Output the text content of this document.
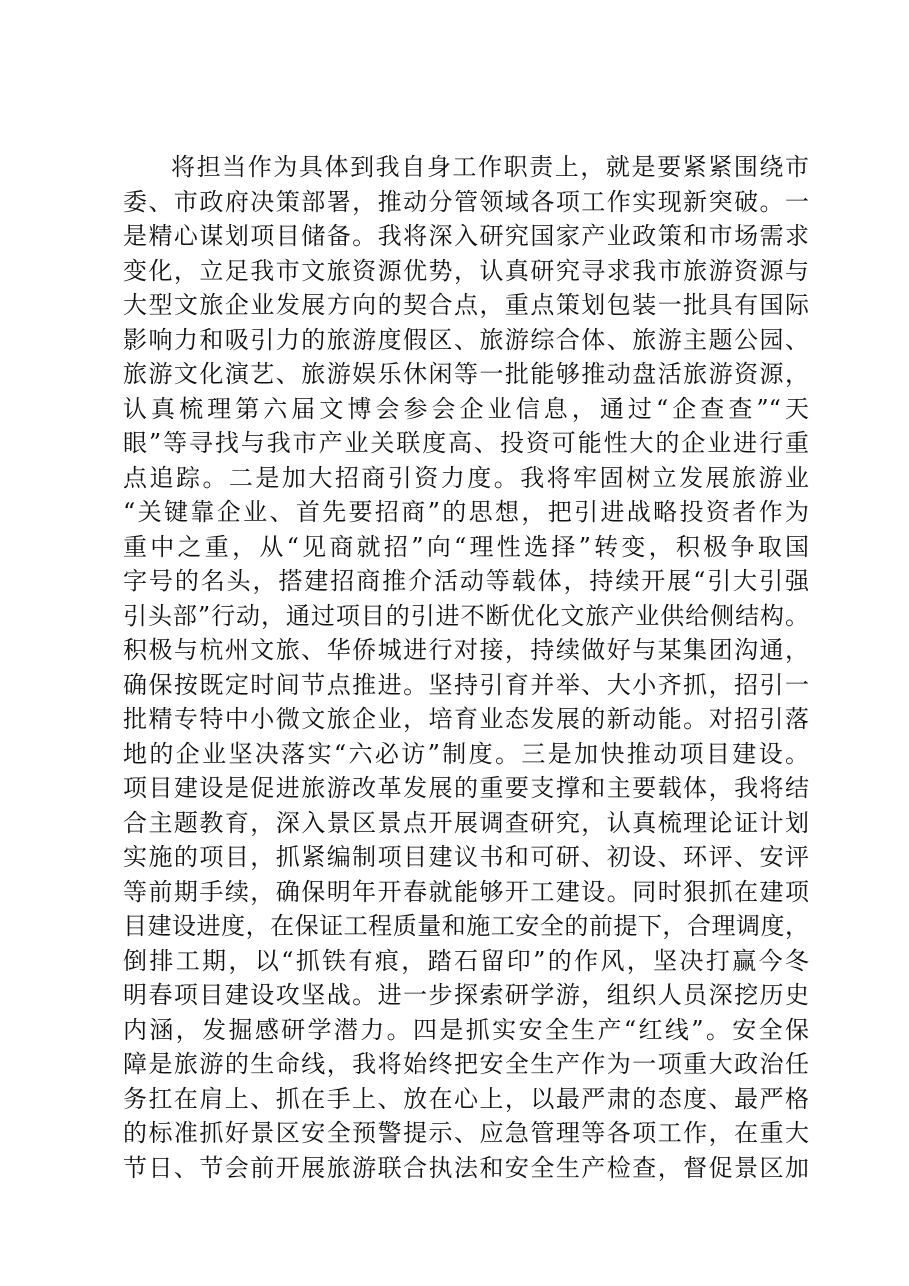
将担当作为具体到我自身工作职责上，就是要紧紧围绕市
委、市政府决策部署，推动分管领域各项工作实现新突破。一
是精心谋划项目储备。我将深入研究国家产业政策和市场需求
变化，立足我市文旅资源优势，认真研究寻求我市旅游资源与
大型文旅企业发展方向的契合点，重点策划包装一批具有国际
影响力和吸引力的旅游度假区、旅游综合体、旅游主题公园、
旅游文化演艺、旅游娱乐休闲等一批能够推动盘活旅游资源，
认真梳理第六届文博会参会企业信息，通过“企查查”“天
眼”等寻找与我市产业关联度高、投资可能性大的企业进行重
点追踪。二是加大招商引资力度。我将牢固树立发展旅游业
“关键靠企业、首先要招商”的思想，把引进战略投资者作为
重中之重，从“见商就招”向“理性选择”转变，积极争取国
字号的名头，搭建招商推介活动等载体，持续开展“引大引强
引头部”行动，通过项目的引进不断优化文旅产业供给侧结构。
积极与杭州文旅、华侨城进行对接，持续做好与某集团沟通，
确保按既定时间节点推进。坚持引育并举、大小齐抓，招引一
批精专特中小微文旅企业，培育业态发展的新动能。对招引落
地的企业坚决落实“六必访”制度。三是加快推动项目建设。
项目建设是促进旅游改革发展的重要支撑和主要载体，我将结
合主题教育，深入景区景点开展调查研究，认真梳理论证计划
实施的项目，抓紧编制项目建议书和可研、初设、环评、安评
等前期手续，确保明年开春就能够开工建设。同时狠抓在建项
目建设进度，在保证工程质量和施工安全的前提下，合理调度，
倒排工期，以“抓铁有痕，踏石留印”的作风，坚决打赢今冬
明春项目建设攻坚战。进一步探索研学游，组织人员深挖历史
内涵，发掘感研学潜力。四是抓实安全生产“红线”。安全保
障是旅游的生命线，我将始终把安全生产作为一项重大政治任
务扛在肩上、抓在手上、放在心上，以最严肃的态度、最严格
的标准抓好景区安全预警提示、应急管理等各项工作，在重大
节日、节会前开展旅游联合执法和安全生产检查，督促景区加
